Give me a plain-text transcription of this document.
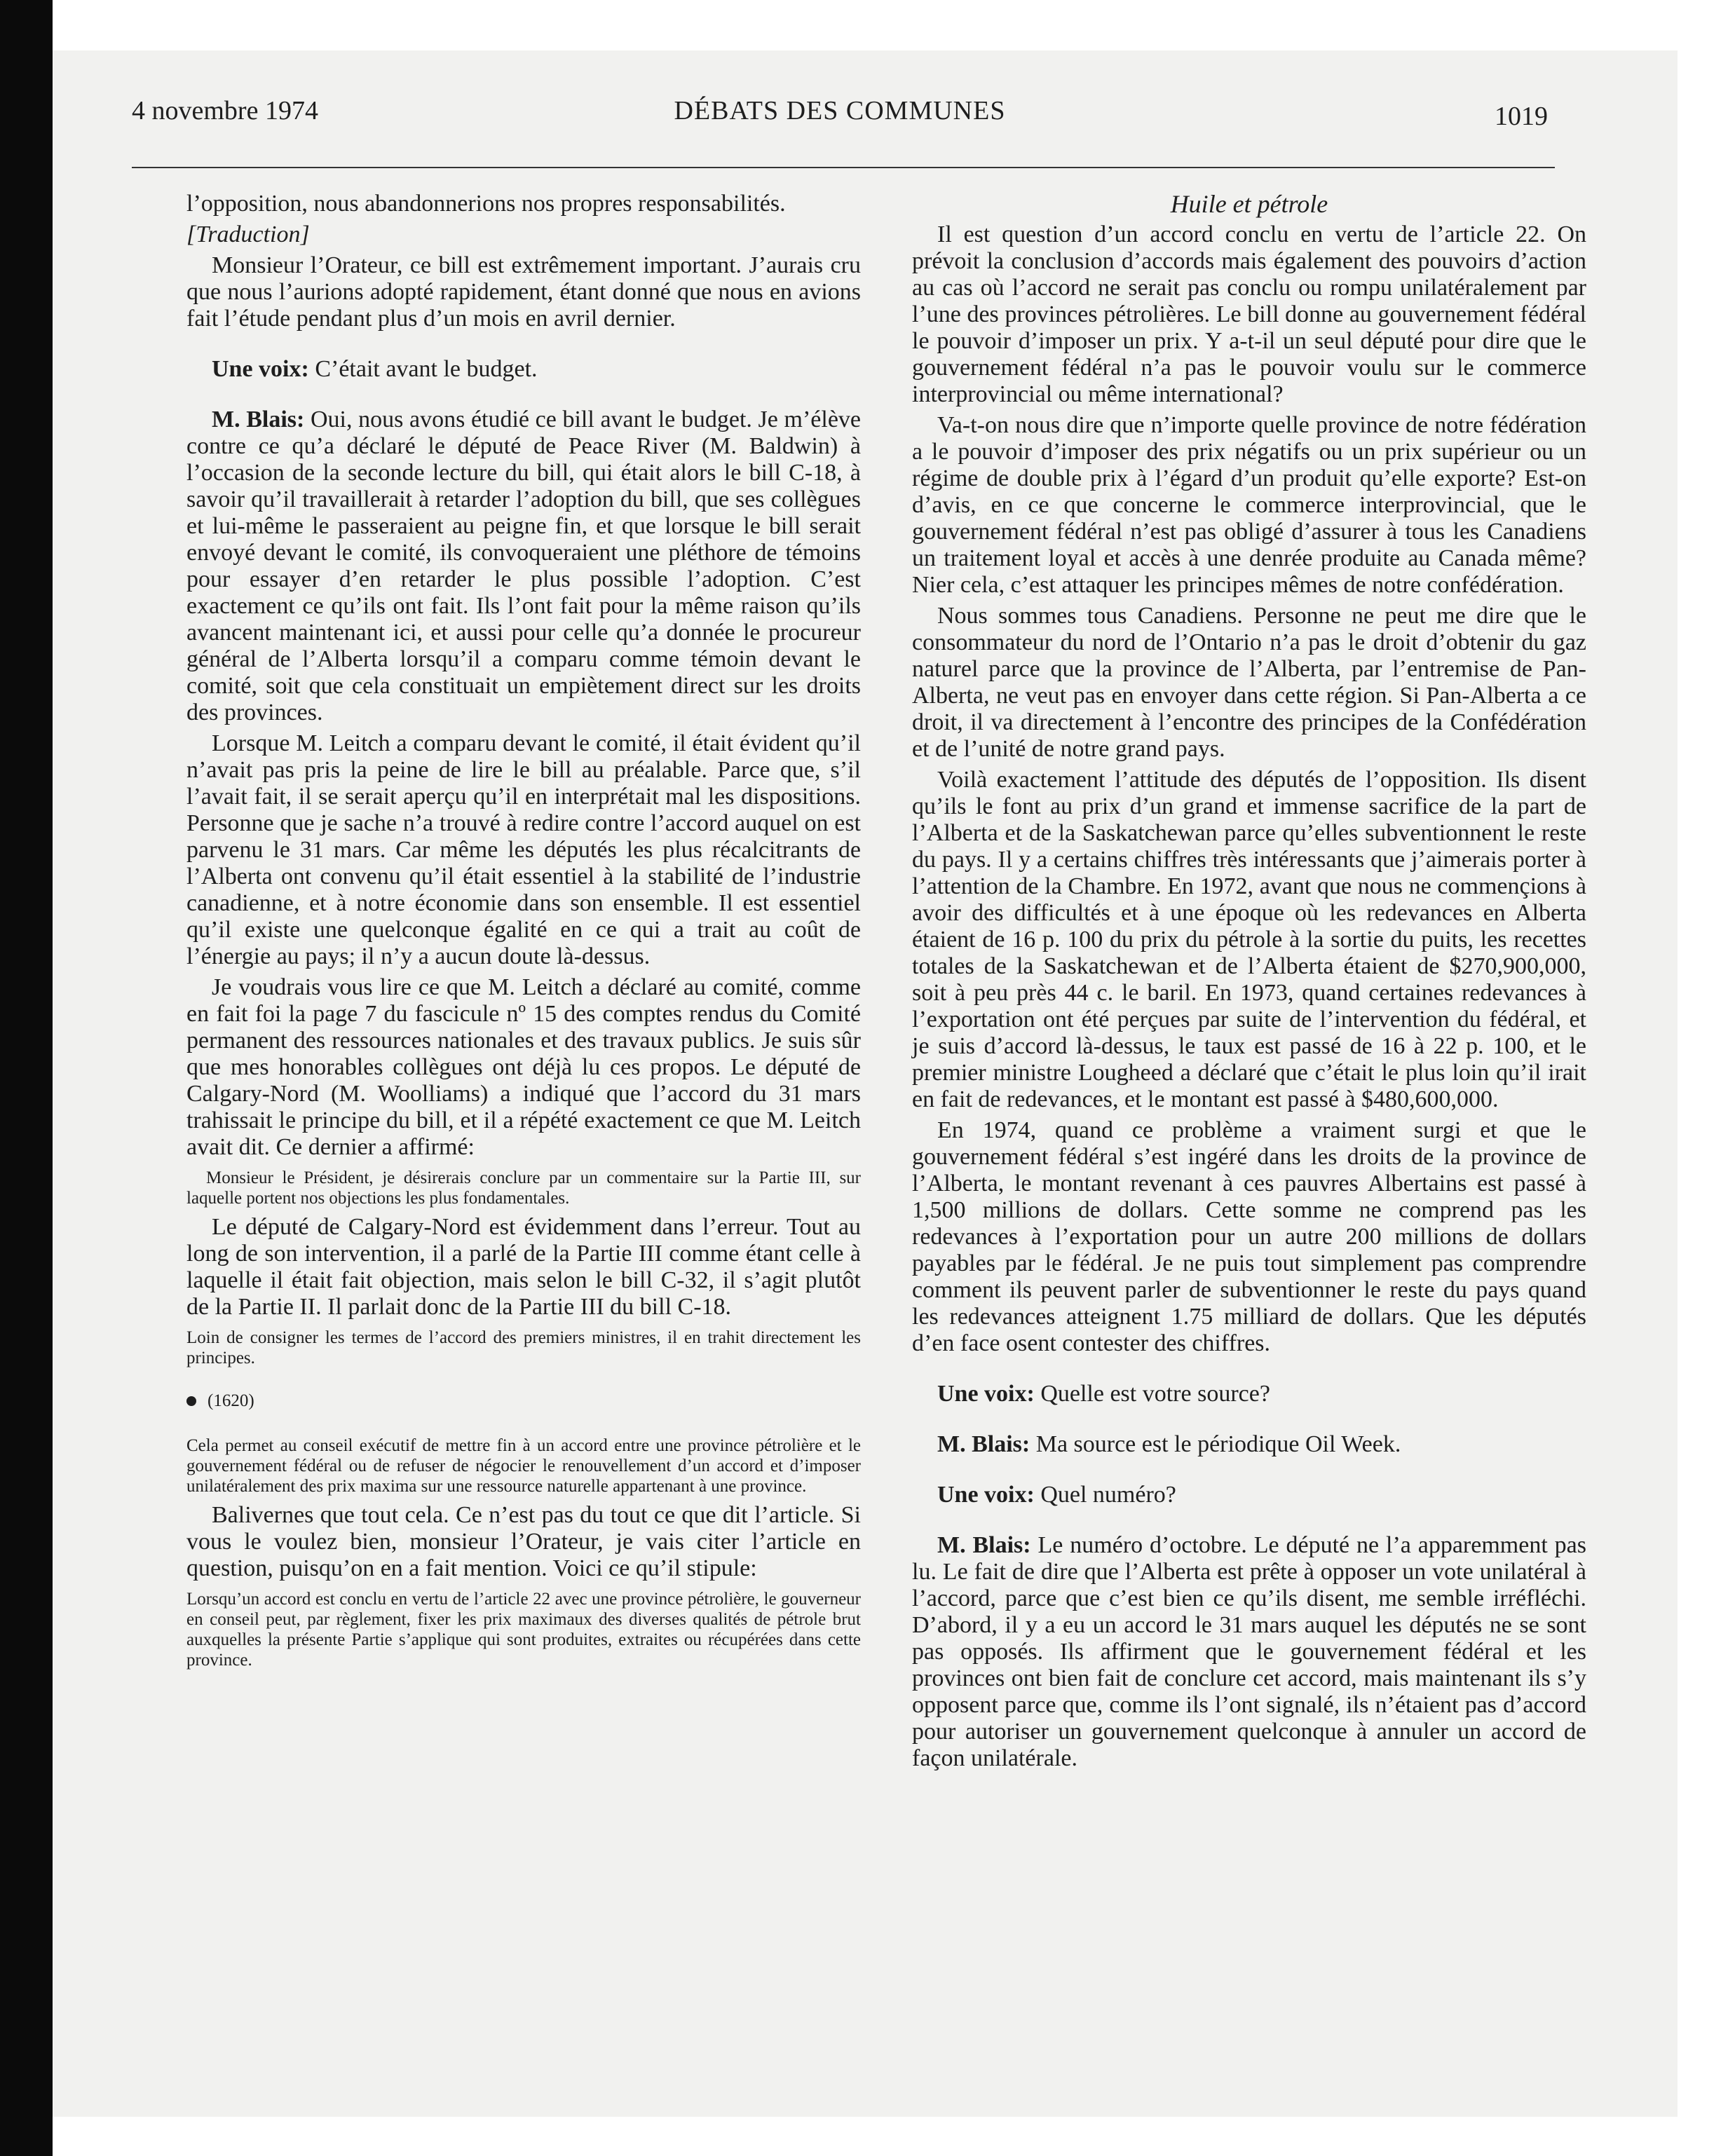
4 novembre 1974	DÉBATS DES COMMUNES	1019

l’opposition, nous abandonnerions nos propres responsabilités.

[Traduction]

Monsieur l’Orateur, ce bill est extrêmement important. J’aurais cru que nous l’aurions adopté rapidement, étant donné que nous en avions fait l’étude pendant plus d’un mois en avril dernier.

Une voix: C’était avant le budget.

M. Blais: Oui, nous avons étudié ce bill avant le budget. Je m’élève contre ce qu’a déclaré le député de Peace River (M. Baldwin) à l’occasion de la seconde lecture du bill, qui était alors le bill C-18, à savoir qu’il travaillerait à retarder l’adoption du bill, que ses collègues et lui-même le passeraient au peigne fin, et que lorsque le bill serait envoyé devant le comité, ils convoqueraient une pléthore de témoins pour essayer d’en retarder le plus possible l’adoption. C’est exactement ce qu’ils ont fait. Ils l’ont fait pour la même raison qu’ils avancent maintenant ici, et aussi pour celle qu’a donnée le procureur général de l’Alberta lorsqu’il a comparu comme témoin devant le comité, soit que cela constituait un empiètement direct sur les droits des provinces.

Lorsque M. Leitch a comparu devant le comité, il était évident qu’il n’avait pas pris la peine de lire le bill au préalable. Parce que, s’il l’avait fait, il se serait aperçu qu’il en interprétait mal les dispositions. Personne que je sache n’a trouvé à redire contre l’accord auquel on est parvenu le 31 mars. Car même les députés les plus récalcitrants de l’Alberta ont convenu qu’il était essentiel à la stabilité de l’industrie canadienne, et à notre économie dans son ensemble. Il est essentiel qu’il existe une quelconque égalité en ce qui a trait au coût de l’énergie au pays; il n’y a aucun doute là-dessus.

Je voudrais vous lire ce que M. Leitch a déclaré au comité, comme en fait foi la page 7 du fascicule nº 15 des comptes rendus du Comité permanent des ressources nationales et des travaux publics. Je suis sûr que mes honorables collègues ont déjà lu ces propos. Le député de Calgary-Nord (M. Woolliams) a indiqué que l’accord du 31 mars trahissait le principe du bill, et il a répété exactement ce que M. Leitch avait dit. Ce dernier a affirmé:

Monsieur le Président, je désirerais conclure par un commentaire sur la Partie III, sur laquelle portent nos objections les plus fondamentales.

Le député de Calgary-Nord est évidemment dans l’erreur. Tout au long de son intervention, il a parlé de la Partie III comme étant celle à laquelle il était fait objection, mais selon le bill C-32, il s’agit plutôt de la Partie II. Il parlait donc de la Partie III du bill C-18.

Loin de consigner les termes de l’accord des premiers ministres, il en trahit directement les principes.

(1620)

Cela permet au conseil exécutif de mettre fin à un accord entre une province pétrolière et le gouvernement fédéral ou de refuser de négocier le renouvellement d’un accord et d’imposer unilatéralement des prix maxima sur une ressource naturelle appartenant à une province.

Balivernes que tout cela. Ce n’est pas du tout ce que dit l’article. Si vous le voulez bien, monsieur l’Orateur, je vais citer l’article en question, puisqu’on en a fait mention. Voici ce qu’il stipule:

Lorsqu’un accord est conclu en vertu de l’article 22 avec une province pétrolière, le gouverneur en conseil peut, par règlement, fixer les prix maximaux des diverses qualités de pétrole brut auxquelles la présente Partie s’applique qui sont produites, extraites ou récupérées dans cette province.

Huile et pétrole

Il est question d’un accord conclu en vertu de l’article 22. On prévoit la conclusion d’accords mais également des pouvoirs d’action au cas où l’accord ne serait pas conclu ou rompu unilatéralement par l’une des provinces pétrolières. Le bill donne au gouvernement fédéral le pouvoir d’imposer un prix. Y a-t-il un seul député pour dire que le gouvernement fédéral n’a pas le pouvoir voulu sur le commerce interprovincial ou même international?

Va-t-on nous dire que n’importe quelle province de notre fédération a le pouvoir d’imposer des prix négatifs ou un prix supérieur ou un régime de double prix à l’égard d’un produit qu’elle exporte? Est-on d’avis, en ce que concerne le commerce interprovincial, que le gouvernement fédéral n’est pas obligé d’assurer à tous les Canadiens un traitement loyal et accès à une denrée produite au Canada même? Nier cela, c’est attaquer les principes mêmes de notre confédération.

Nous sommes tous Canadiens. Personne ne peut me dire que le consommateur du nord de l’Ontario n’a pas le droit d’obtenir du gaz naturel parce que la province de l’Alberta, par l’entremise de Pan-Alberta, ne veut pas en envoyer dans cette région. Si Pan-Alberta a ce droit, il va directement à l’encontre des principes de la Confédération et de l’unité de notre grand pays.

Voilà exactement l’attitude des députés de l’opposition. Ils disent qu’ils le font au prix d’un grand et immense sacrifice de la part de l’Alberta et de la Saskatchewan parce qu’elles subventionnent le reste du pays. Il y a certains chiffres très intéressants que j’aimerais porter à l’attention de la Chambre. En 1972, avant que nous ne commençions à avoir des difficultés et à une époque où les redevances en Alberta étaient de 16 p. 100 du prix du pétrole à la sortie du puits, les recettes totales de la Saskatchewan et de l’Alberta étaient de $270,900,000, soit à peu près 44 c. le baril. En 1973, quand certaines redevances à l’exportation ont été perçues par suite de l’intervention du fédéral, et je suis d’accord là-dessus, le taux est passé de 16 à 22 p. 100, et le premier ministre Lougheed a déclaré que c’était le plus loin qu’il irait en fait de redevances, et le montant est passé à $480,600,000.

En 1974, quand ce problème a vraiment surgi et que le gouvernement fédéral s’est ingéré dans les droits de la province de l’Alberta, le montant revenant à ces pauvres Albertains est passé à 1,500 millions de dollars. Cette somme ne comprend pas les redevances à l’exportation pour un autre 200 millions de dollars payables par le fédéral. Je ne puis tout simplement pas comprendre comment ils peuvent parler de subventionner le reste du pays quand les redevances atteignent 1.75 milliard de dollars. Que les députés d’en face osent contester des chiffres.

Une voix: Quelle est votre source?

M. Blais: Ma source est le périodique Oil Week.

Une voix: Quel numéro?

M. Blais: Le numéro d’octobre. Le député ne l’a apparemment pas lu. Le fait de dire que l’Alberta est prête à opposer un vote unilatéral à l’accord, parce que c’est bien ce qu’ils disent, me semble irréfléchi. D’abord, il y a eu un accord le 31 mars auquel les députés ne se sont pas opposés. Ils affirment que le gouvernement fédéral et les provinces ont bien fait de conclure cet accord, mais maintenant ils s’y opposent parce que, comme ils l’ont signalé, ils n’étaient pas d’accord pour autoriser un gouvernement quelconque à annuler un accord de façon unilatérale.
